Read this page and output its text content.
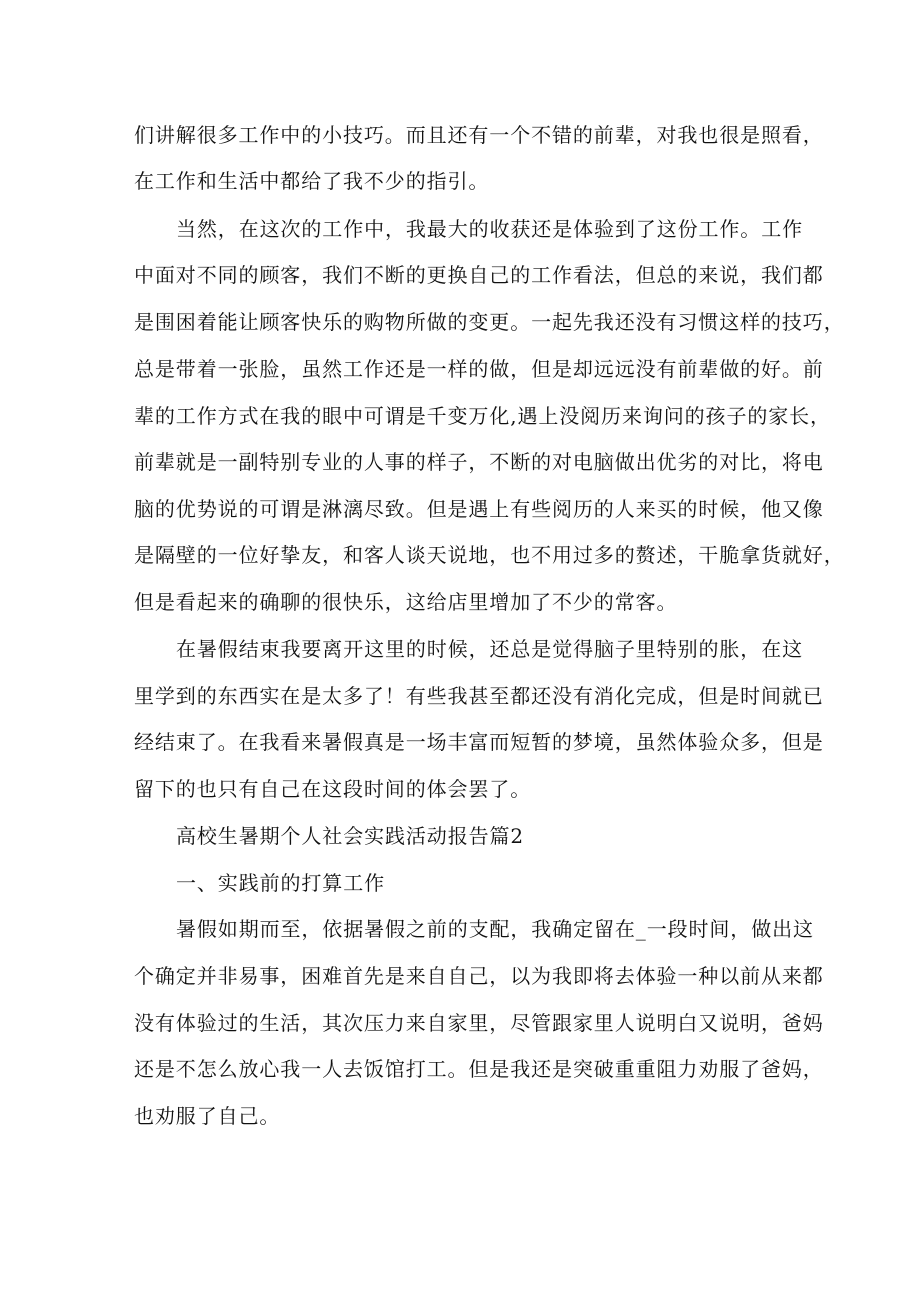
们讲解很多工作中的小技巧。而且还有一个不错的前辈，对我也很是照看，
在工作和生活中都给了我不少的指引。
当然，在这次的工作中，我最大的收获还是体验到了这份工作。工作
中面对不同的顾客，我们不断的更换自己的工作看法，但总的来说，我们都
是围困着能让顾客快乐的购物所做的变更。一起先我还没有习惯这样的技巧，
总是带着一张脸，虽然工作还是一样的做，但是却远远没有前辈做的好。前
辈的工作方式在我的眼中可谓是千变万化,遇上没阅历来询问的孩子的家长，
前辈就是一副特别专业的人事的样子，不断的对电脑做出优劣的对比，将电
脑的优势说的可谓是淋漓尽致。但是遇上有些阅历的人来买的时候，他又像
是隔壁的一位好挚友，和客人谈天说地，也不用过多的赘述，干脆拿货就好，
但是看起来的确聊的很快乐，这给店里增加了不少的常客。
在暑假结束我要离开这里的时候，还总是觉得脑子里特别的胀，在这
里学到的东西实在是太多了！有些我甚至都还没有消化完成，但是时间就已
经结束了。在我看来暑假真是一场丰富而短暂的梦境，虽然体验众多，但是
留下的也只有自己在这段时间的体会罢了。
高校生暑期个人社会实践活动报告篇2
一、实践前的打算工作
暑假如期而至，依据暑假之前的支配，我确定留在_一段时间，做出这
个确定并非易事，困难首先是来自自己，以为我即将去体验一种以前从来都
没有体验过的生活，其次压力来自家里，尽管跟家里人说明白又说明，爸妈
还是不怎么放心我一人去饭馆打工。但是我还是突破重重阻力劝服了爸妈，
也劝服了自己。
